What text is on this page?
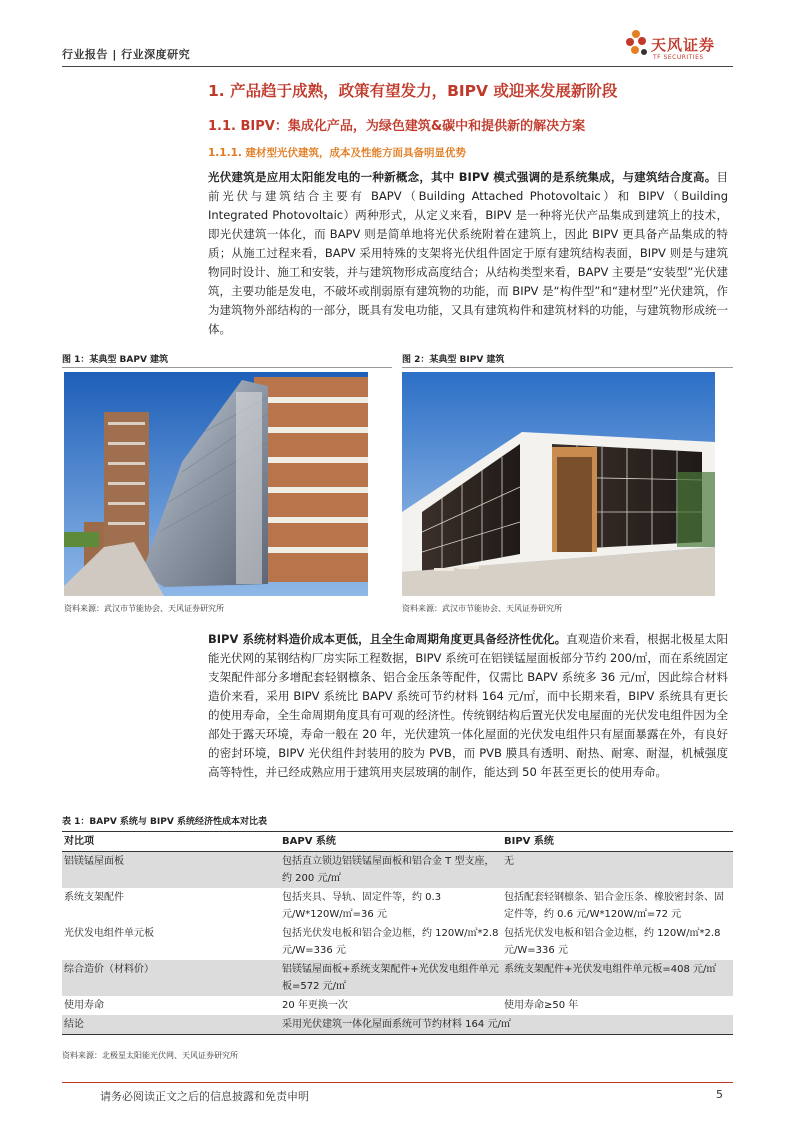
行业报告 | 行业深度研究
天风证券
TF SECURITIES
1. 产品趋于成熟，政策有望发力，BIPV 或迎来发展新阶段
1.1. BIPV：集成化产品，为绿色建筑&碳中和提供新的解决方案
1.1.1. 建材型光伏建筑，成本及性能方面具备明显优势
光伏建筑是应用太阳能发电的一种新概念，其中 BIPV 模式强调的是系统集成，与建筑结合度高。目前光伏与建筑结合主要有 BAPV（Building Attached Photovoltaic）和 BIPV（Building Integrated Photovoltaic）两种形式，从定义来看，BIPV 是一种将光伏产品集成到建筑上的技术，即光伏建筑一体化，而 BAPV 则是简单地将光伏系统附着在建筑上，因此 BIPV 更具备产品集成的特质；从施工过程来看，BAPV 采用特殊的支架将光伏组件固定于原有建筑结构表面，BIPV 则是与建筑物同时设计、施工和安装，并与建筑物形成高度结合；从结构类型来看，BAPV 主要是“安装型”光伏建筑，主要功能是发电，不破坏或削弱原有建筑物的功能，而 BIPV 是“构件型”和“建材型”光伏建筑，作为建筑物外部结构的一部分，既具有发电功能，又具有建筑构件和建筑材料的功能，与建筑物形成统一体。
图 1：某典型 BAPV 建筑
资料来源：武汉市节能协会、天风证券研究所
图 2：某典型 BIPV 建筑
资料来源：武汉市节能协会、天风证券研究所
BIPV 系统材料造价成本更低，且全生命周期角度更具备经济性优化。直观造价来看，根据北极星太阳能光伏网的某钢结构厂房实际工程数据，BIPV 系统可在铝镁锰屋面板部分节约 200/㎡，而在系统固定支架配件部分多增配套轻钢檩条、铝合金压条等配件，仅需比 BAPV 系统多 36 元/㎡，因此综合材料造价来看，采用 BIPV 系统比 BAPV 系统可节约材料 164 元/㎡，而中长期来看，BIPV 系统具有更长的使用寿命，全生命周期角度具有可观的经济性。传统钢结构后置光伏发电屋面的光伏发电组件因为全部处于露天环境，寿命一般在 20 年，光伏建筑一体化屋面的光伏发电组件只有屋面暴露在外，有良好的密封环境，BIPV 光伏组件封装用的胶为 PVB，而 PVB 膜具有透明、耐热、耐寒、耐湿，机械强度高等特性，并已经成熟应用于建筑用夹层玻璃的制作，能达到 50 年甚至更长的使用寿命。
表 1：BAPV 系统与 BIPV 系统经济性成本对比表
对比项	BAPV 系统	BIPV 系统
铝镁锰屋面板	包括直立锁边铝镁锰屋面板和铝合金 T 型支座，约 200 元/㎡	无
系统支架配件	包括夹具、导轨、固定件等，约 0.3 元/W*120W/㎡=36 元	包括配套轻钢檩条、铝合金压条、橡胶密封条、固定件等，约 0.6 元/W*120W/㎡=72 元
光伏发电组件单元板	包括光伏发电板和铝合金边框，约 120W/㎡*2.8 元/W=336 元	包括光伏发电板和铝合金边框，约 120W/㎡*2.8 元/W=336 元
综合造价（材料价）	铝镁锰屋面板+系统支架配件+光伏发电组件单元板=572 元/㎡	系统支架配件+光伏发电组件单元板=408 元/㎡
使用寿命	20 年更换一次	使用寿命≥50 年
结论	采用光伏建筑一体化屋面系统可节约材料 164 元/㎡	
资料来源：北极星太阳能光伏网、天风证券研究所
请务必阅读正文之后的信息披露和免责申明	5
